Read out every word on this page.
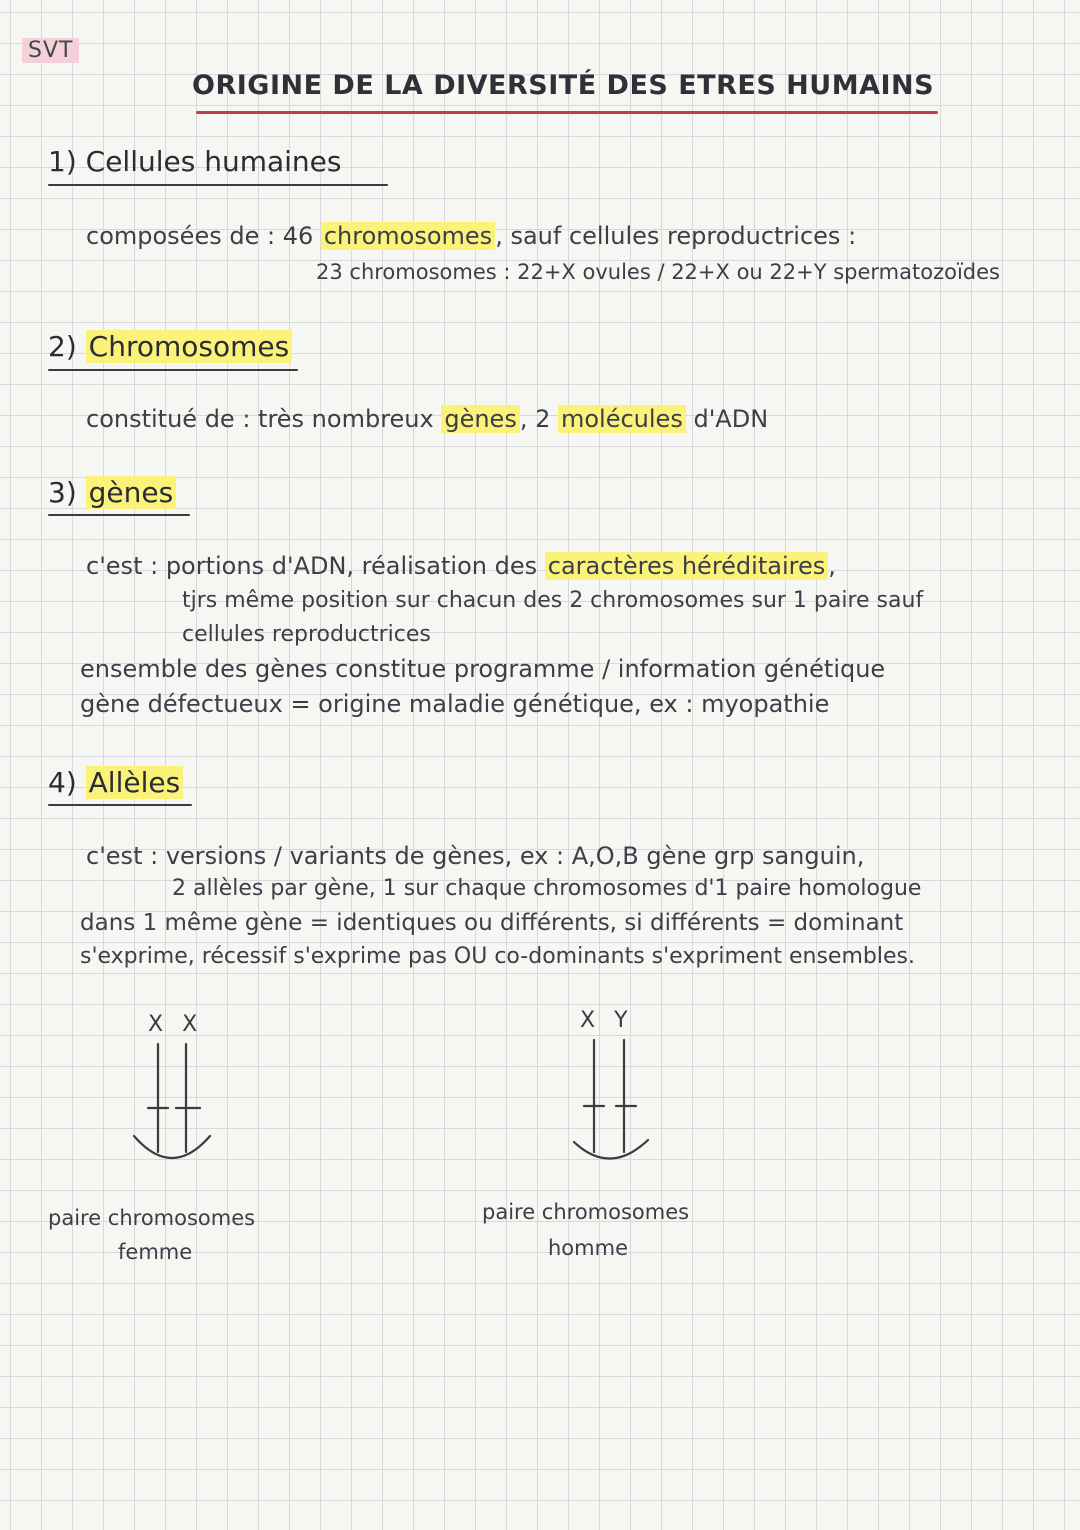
SVT
ORIGINE DE LA DIVERSITÉ DES ETRES HUMAINS
1) Cellules humaines
composées de : 46 chromosomes , sauf cellules reproductrices :
23 chromosomes : 22+X ovules / 22+X ou 22+Y spermatozoïdes
2) Chromosomes
constitué de : très nombreux gènes , 2 molécules d'ADN
3) gènes
c'est : portions d'ADN, réalisation des caractères héréditaires ,
tjrs même position sur chacun des 2 chromosomes sur 1 paire sauf
cellules reproductrices
ensemble des gènes constitue programme / information génétique
gène défectueux = origine maladie génétique, ex : myopathie
4) Allèles
c'est : versions / variants de gènes, ex : A,O,B gène grp sanguin,
2 allèles par gène, 1 sur chaque chromosomes d'1 paire homologue
dans 1 même gène = identiques ou différents, si différents = dominant
s'exprime, récessif s'exprime pas OU co-dominants s'expriment ensembles.
X X
paire chromosomes
femme
X Y
paire chromosomes
homme
